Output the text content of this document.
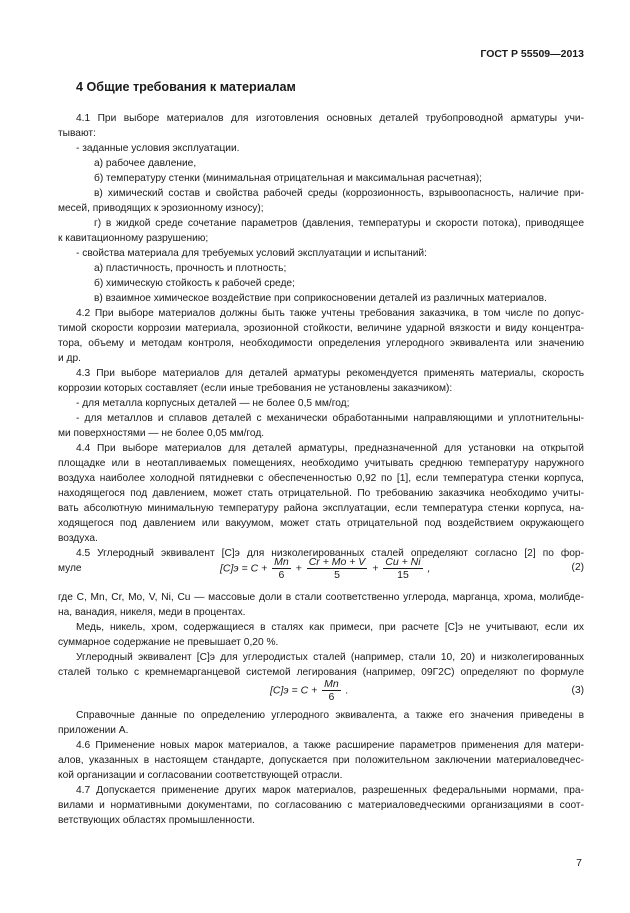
ГОСТ Р 55509—2013
4 Общие требования к материалам
4.1 При выборе материалов для изготовления основных деталей трубопроводной арматуры учи-
тывают:
- заданные условия эксплуатации.
а) рабочее давление,
б) температуру стенки (минимальная отрицательная и максимальная расчетная);
в) химический состав и свойства рабочей среды (коррозионность, взрывоопасность, наличие при-
месей, приводящих к эрозионному износу);
г) в жидкой среде сочетание параметров (давления, температуры и скорости потока), приводящее
к кавитационному разрушению;
- свойства материала для требуемых условий эксплуатации и испытаний:
а) пластичность, прочность и плотность;
б) химическую стойкость к рабочей среде;
в) взаимное химическое воздействие при соприкосновении деталей из различных материалов.
4.2 При выборе материалов должны быть также учтены требования заказчика, в том числе по допус-
тимой скорости коррозии материала, эрозионной стойкости, величине ударной вязкости и виду концентра-
тора, объему и методам контроля, необходимости определения углеродного эквивалента или значению
и др.
4.3 При выборе материалов для деталей арматуры рекомендуется применять материалы, скорость
коррозии которых составляет (если иные требования не установлены заказчиком):
- для металла корпусных деталей — не более 0,5 мм/год;
- для металлов и сплавов деталей с механически обработанными направляющими и уплотнительны-
ми поверхностями — не более 0,05 мм/год.
4.4 При выборе материалов для деталей арматуры, предназначенной для установки на открытой
площадке или в неотапливаемых помещениях, необходимо учитывать среднюю температуру наружного
воздуха наиболее холодной пятидневки с обеспеченностью 0,92 по [1], если температура стенки корпуса,
находящегося под давлением, может стать отрицательной. По требованию заказчика необходимо учиты-
вать абсолютную минимальную температуру района эксплуатации, если температура стенки корпуса, на-
ходящегося под давлением или вакуумом, может стать отрицательной под воздействием окружающего
воздуха.
4.5 Углеродный эквивалент [C]э для низколегированных сталей определяют согласно [2] по фор-
муле	$[C]э = C + \frac{Mn}{6} + \frac{Cr + Mo + V}{5} + \frac{Cu + Ni}{15}$ ,	(2)
где C, Mn, Cr, Mo, V, Ni, Cu — массовые доли в стали соответственно углерода, марганца, хрома, молибде-
на, ванадия, никеля, меди в процентах.
Медь, никель, хром, содержащиеся в сталях как примеси, при расчете [C]э не учитывают, если их
суммарное содержание не превышает 0,20 %.
Углеродный эквивалент [C]э для углеродистых сталей (например, стали 10, 20) и низколегированных
сталей только с кремнемарганцевой системой легирования (например, 09Г2С) определяют по формуле
$[C]э = C + \frac{Mn}{6}$ .	(3)
Справочные данные по определению углеродного эквивалента, а также его значения приведены в
приложении А.
4.6 Применение новых марок материалов, а также расширение параметров применения для матери-
алов, указанных в настоящем стандарте, допускается при положительном заключении материаловедчес-
кой организации и согласовании соответствующей отрасли.
4.7 Допускается применение других марок материалов, разрешенных федеральными нормами, пра-
вилами и нормативными документами, по согласованию с материаловедческими организациями в соот-
ветствующих областях промышленности.
7
